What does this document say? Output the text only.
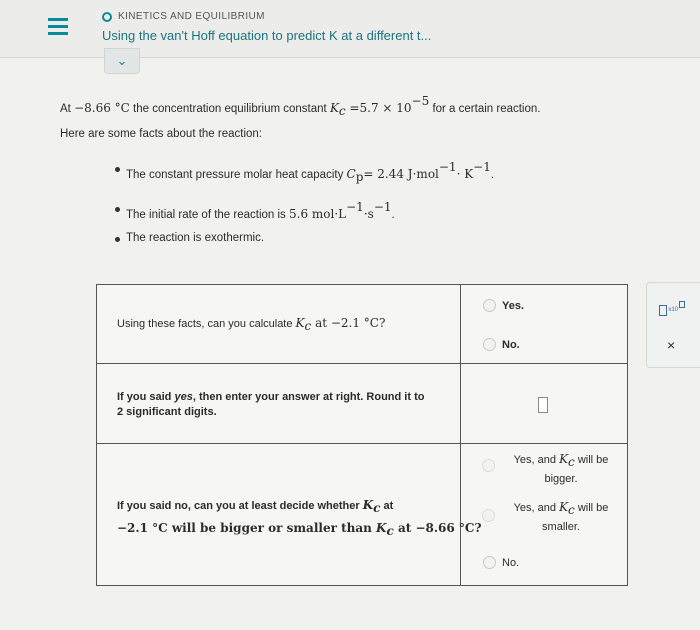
KINETICS AND EQUILIBRIUM
Using the van't Hoff equation to predict K at a different t...
⌄
At −8.66 °C the concentration equilibrium constant $K_c =5.7 \times 10^{-5}$ for a certain reaction.
Here are some facts about the reaction:
The constant pressure molar heat capacity $C_p= 2.44$ $J\cdot mol^{-1}\cdot K^{-1}$.
The initial rate of the reaction is 5.6 $mol\cdot L^{-1}\cdot s^{-1}$.
The reaction is exothermic.
Using these facts, can you calculate $K_c$ at −2.1 °C?
Yes.
No.
If you said yes, then enter your answer at right. Round it to
2 significant digits.
If you said no, can you at least decide whether $K_c$ at
−2.1 °C will be bigger or smaller than $K_c$ at −8.66 °C?
Yes, and $K_c$ will be
bigger.
Yes, and $K_c$ will be
smaller.
No.
x10
×
